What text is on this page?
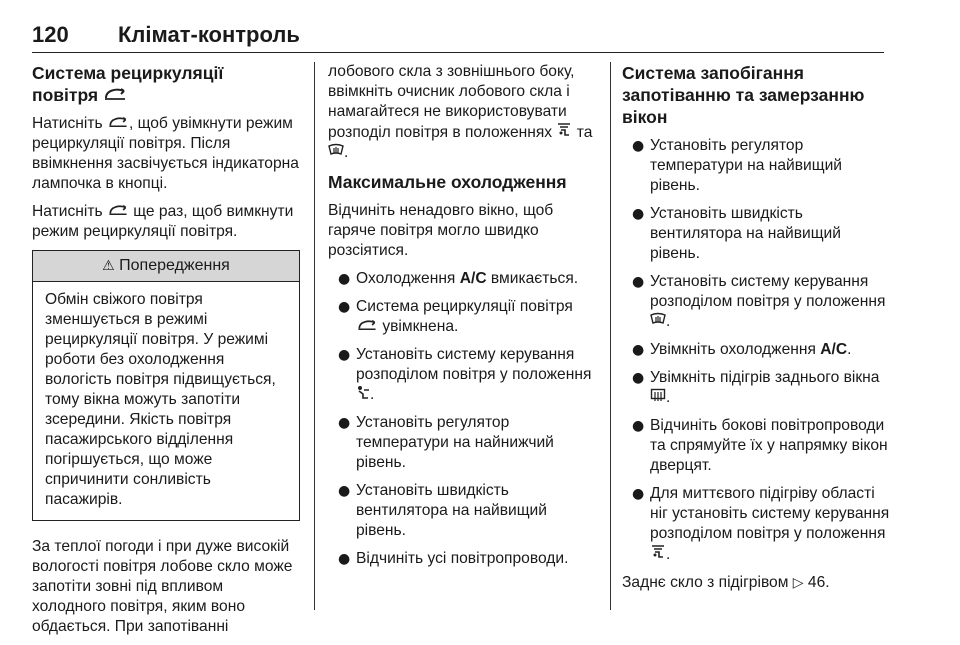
120 Клімат-контроль
Система рециркуляції
повітря

Натисніть , щоб увімкнути режим рециркуляції повітря. Після ввімкнення засвічується індикаторна лампочка в кнопці.

Натисніть  ще раз, щоб вимкнути режим рециркуляції повітря.

⚠ Попередження
Обмін свіжого повітря зменшується в режимі рециркуляції повітря. У режимі роботи без охолодження вологість повітря підвищується, тому вікна можуть запотіти зсередини. Якість повітря пасажирського відділення погіршується, що може спричинити сонливість пасажирів.

За теплої погоди і при дуже високій вологості повітря лобове скло може запотіти зовні під впливом холодного повітря, яким воно обдається. При запотіванні

лобового скла з зовнішнього боку, ввімкніть очисник лобового скла і намагайтеся не використовувати розподіл повітря в положеннях та .

Максимальне охолодження

Відчиніть ненадовго вікно, щоб гаряче повітря могло швидко розсіятися.

● Охолодження A/C вмикається.
● Система рециркуляції повітря
увімкнена.
● Установіть систему керування розподілом повітря у положення .
● Установіть регулятор температури на найнижчий рівень.
● Установіть швидкість вентилятора на найвищий рівень.
● Відчиніть усі повітропроводи.
Система запобігання запотіванню та замерзанню вікон
● Установіть регулятор температури на найвищий рівень.
● Установіть швидкість вентилятора на найвищий рівень.
● Установіть систему керування розподілом повітря у положення .
● Увімкніть охолодження A/C.
● Увімкніть підігрів заднього вікна .
● Відчиніть бокові повітропроводи та спрямуйте їх у напрямку вікон дверцят.
● Для миттєвого підігріву області ніг установіть систему керування розподілом повітря у положення .

Заднє скло з підігрівом ▷ 46.
